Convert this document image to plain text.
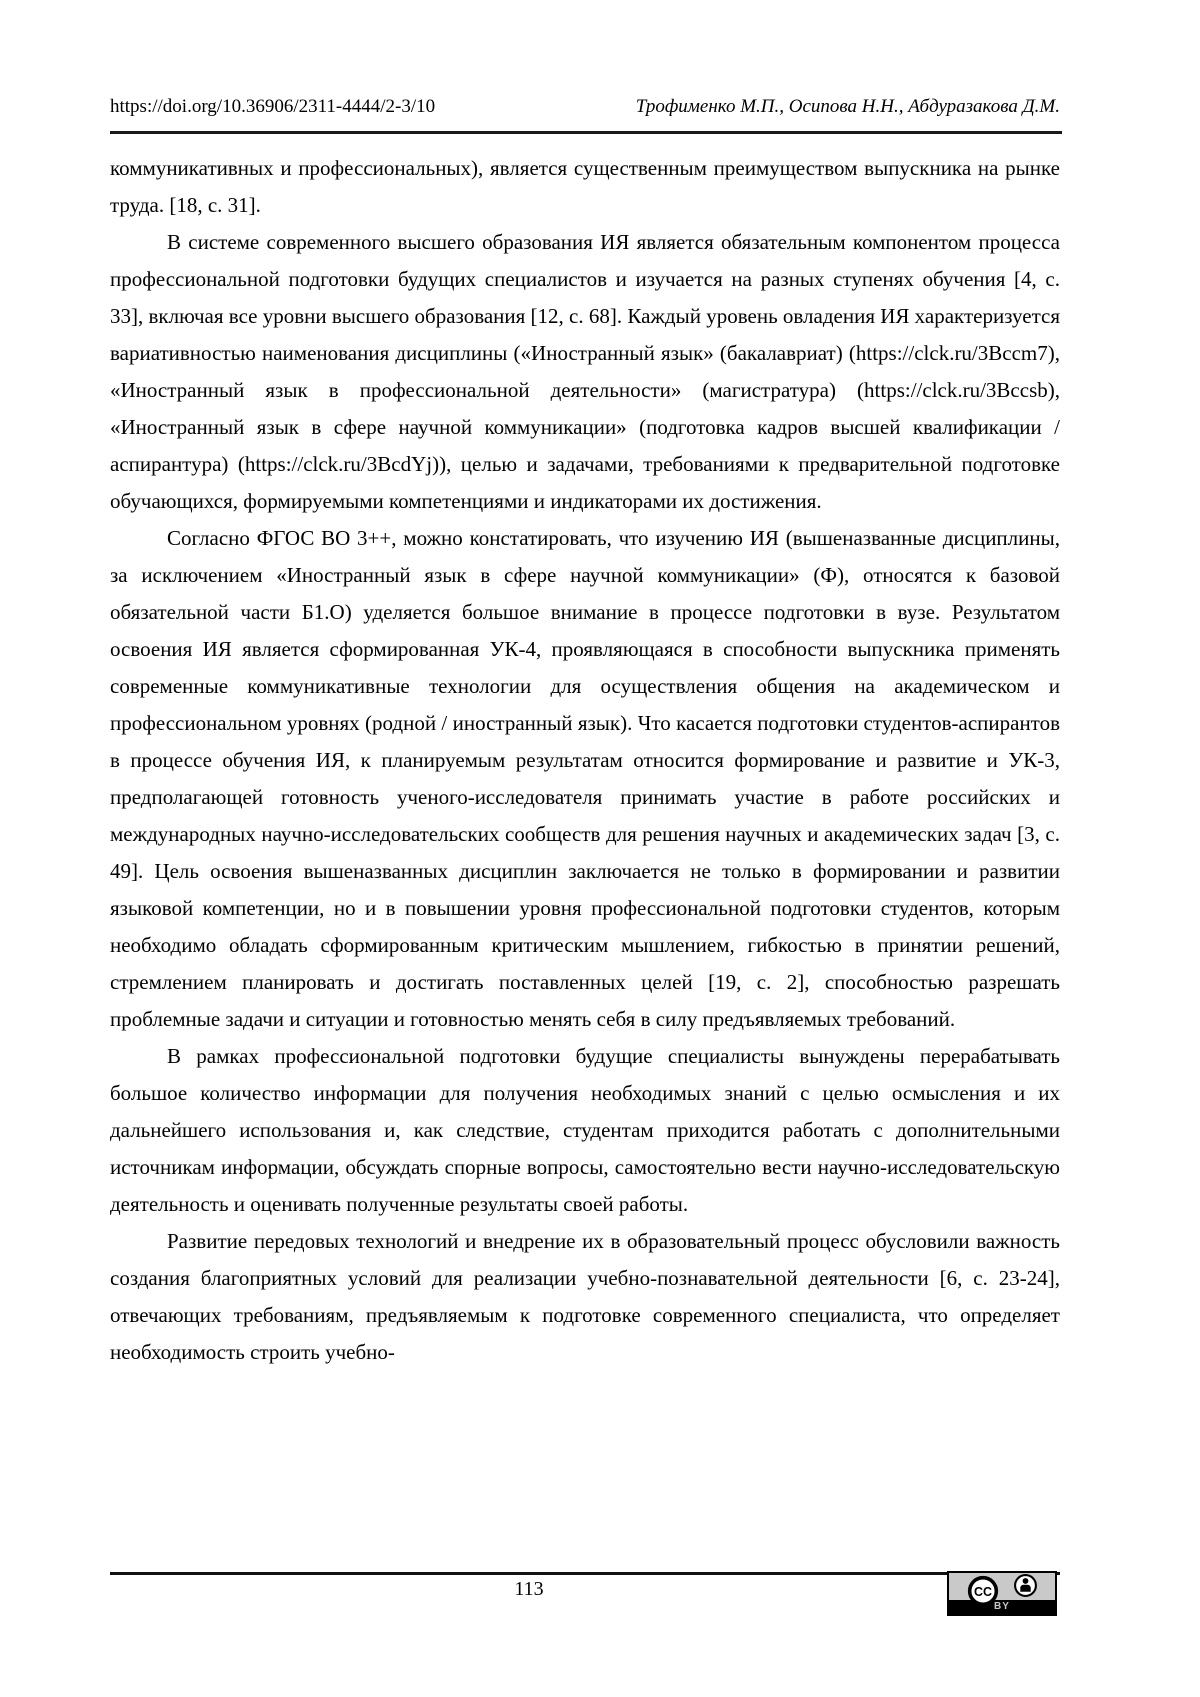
https://doi.org/10.36906/2311-4444/2-3/10	Трофименко М.П., Осипова Н.Н., Абдуразакова Д.М.

коммуникативных и профессиональных), является существенным преимуществом выпускника на рынке труда. [18, с. 31].

В системе современного высшего образования ИЯ является обязательным компонентом процесса профессиональной подготовки будущих специалистов и изучается на разных ступенях обучения [4, с. 33], включая все уровни высшего образования [12, с. 68]. Каждый уровень овладения ИЯ характеризуется вариативностью наименования дисциплины («Иностранный язык» (бакалавриат) (https://clck.ru/3Bccm7), «Иностранный язык в профессиональной деятельности» (магистратура) (https://clck.ru/3Bccsb), «Иностранный язык в сфере научной коммуникации» (подготовка кадров высшей квалификации / аспирантура) (https://clck.ru/3BcdYj)), целью и задачами, требованиями к предварительной подготовке обучающихся, формируемыми компетенциями и индикаторами их достижения.

Согласно ФГОС ВО 3++, можно констатировать, что изучению ИЯ (вышеназванные дисциплины, за исключением «Иностранный язык в сфере научной коммуникации» (Ф), относятся к базовой обязательной части Б1.О) уделяется большое внимание в процессе подготовки в вузе. Результатом освоения ИЯ является сформированная УК-4, проявляющаяся в способности выпускника применять современные коммуникативные технологии для осуществления общения на академическом и профессиональном уровнях (родной / иностранный язык). Что касается подготовки студентов-аспирантов в процессе обучения ИЯ, к планируемым результатам относится формирование и развитие и УК-3, предполагающей готовность ученого-исследователя принимать участие в работе российских и международных научно-исследовательских сообществ для решения научных и академических задач [3, с. 49]. Цель освоения вышеназванных дисциплин заключается не только в формировании и развитии языковой компетенции, но и в повышении уровня профессиональной подготовки студентов, которым необходимо обладать сформированным критическим мышлением, гибкостью в принятии решений, стремлением планировать и достигать поставленных целей [19, с. 2], способностью разрешать проблемные задачи и ситуации и готовностью менять себя в силу предъявляемых требований.

В рамках профессиональной подготовки будущие специалисты вынуждены перерабатывать большое количество информации для получения необходимых знаний с целью осмысления и их дальнейшего использования и, как следствие, студентам приходится работать с дополнительными источникам информации, обсуждать спорные вопросы, самостоятельно вести научно-исследовательскую деятельность и оценивать полученные результаты своей работы.

Развитие передовых технологий и внедрение их в образовательный процесс обусловили важность создания благоприятных условий для реализации учебно-познавательной деятельности [6, с. 23-24], отвечающих требованиям, предъявляемым к подготовке современного специалиста, что определяет необходимость строить учебно-

113	CC
BY
